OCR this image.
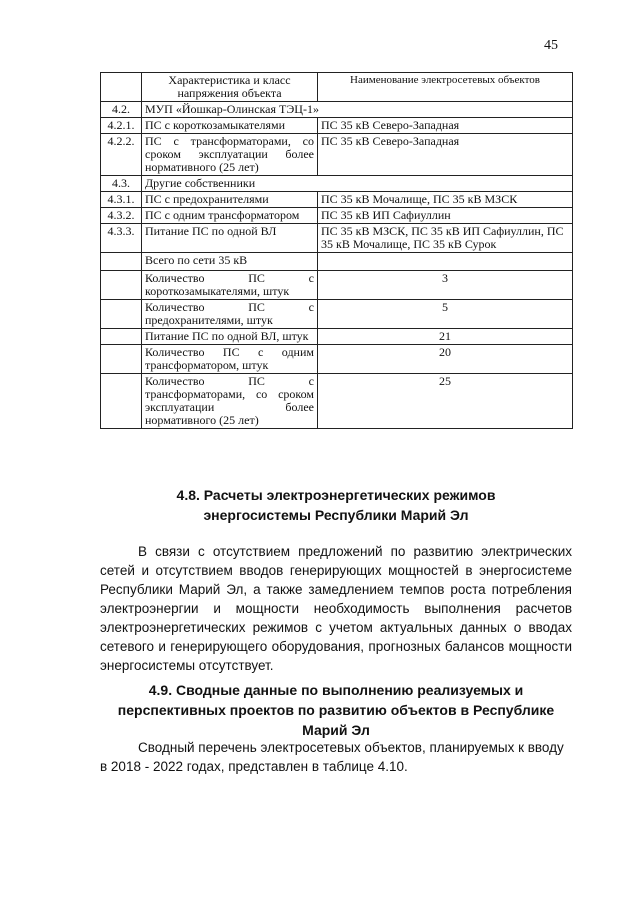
45
	Характеристика и класс напряжения объекта	Наименование электросетевых объектов
4.2.	МУП «Йошкар-Олинская ТЭЦ-1»	
4.2.1.	ПС с короткозамыкателями	ПС 35 кВ Северо-Западная
4.2.2.	ПС с трансформаторами, со сроком эксплуатации более нормативного (25 лет)	ПС 35 кВ Северо-Западная
4.3.	Другие собственники	
4.3.1.	ПС с предохранителями	ПС 35 кВ Мочалище, ПС 35 кВ МЗСК
4.3.2.	ПС с одним трансформатором	ПС 35 кВ ИП Сафиуллин
4.3.3.	Питание ПС по одной ВЛ	ПС 35 кВ МЗСК, ПС 35 кВ ИП Сафиуллин, ПС 35 кВ Мочалище, ПС 35 кВ Сурок
	Всего по сети 35 кВ	
	Количество ПС с короткозамыкателями, штук	3
	Количество ПС с предохранителями, штук	5
	Питание ПС по одной ВЛ, штук	21
	Количество ПС с одним трансформатором, штук	20
	Количество ПС с трансформаторами, со сроком эксплуатации более нормативного (25 лет)	25
4.8. Расчеты электроэнергетических режимов энергосистемы Республики Марий Эл

В связи с отсутствием предложений по развитию электрических сетей и отсутствием вводов генерирующих мощностей в энергосистеме Республики Марий Эл, а также замедлением темпов роста потребления электроэнергии и мощности необходимость выполнения расчетов электроэнергетических режимов с учетом актуальных данных о вводах сетевого и генерирующего оборудования, прогнозных балансов мощности энергосистемы отсутствует.

4.9. Сводные данные по выполнению реализуемых и перспективных проектов по развитию объектов в Республике Марий Эл

Сводный перечень электросетевых объектов, планируемых к вводу в 2018 - 2022 годах, представлен в таблице 4.10.
